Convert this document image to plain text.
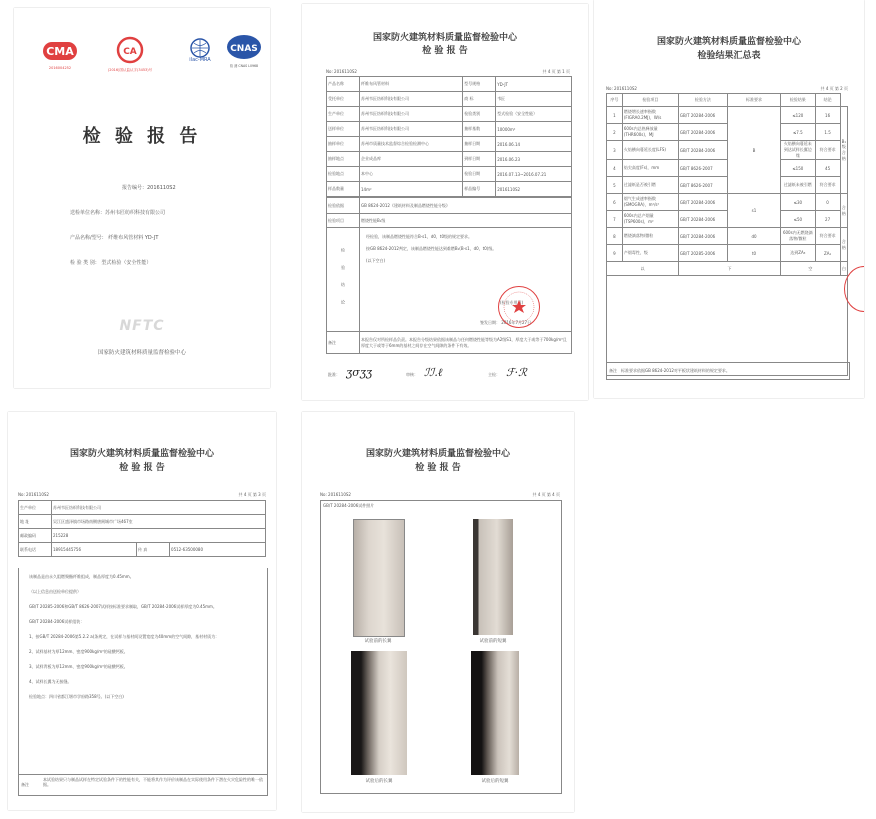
CMA
2016004252
CA
(2016)国认监认字(3453)号
ilac-MRA
CNAS
检 测 CNAS L0968
检 验 报 告
报告编号：2016110S2
送检单位名称：苏州韦匠纺织科技有限公司
产品名称/型号： 纤维布风管材料 YD-JT
检 验 类 别： 型式检验（安全性能）
NFTC
国家防火建筑材料质量监督检验中心
国家防火建筑材料质量监督检验中心
检 验 报 告
No: 2016110S2	共 4 页 第 1 页
产品名称	纤维布风管材料	型号规格	YD-JT
受托单位	苏州韦匠纺织科技有限公司	商 标	韦匠
生产单位	苏州韦匠纺织科技有限公司	检验类别	型式检验（安全性能）
送样单位	苏州韦匠纺织科技有限公司	抽样基数	10000m²
抽样单位	苏州市质量技术监督综合检验检测中心	抽样日期	2016.06.14
抽样地点	企业成品库	到样日期	2016.06.23
检验地点	本中心	检验日期	2016.07.13~2016.07.21
样品数量	14m²	样品编号	2016110S2
检验依据	GB 8624-2012《建筑材料及制品燃烧性能分级》
检验项目	燃烧性能B₁级
检 验 结 论	经检验，该制品燃烧性能符合B-s1，d0，t0级的规定要求。
按GB 8624-2012判定，该制品燃烧性能达到难燃B₁(B-s1，d0，t0)级。
(以下空白)
(检验专用章)
签发日期： 2016年7月27日

备注	本报告仅对所检样品负责。本报告分级结果依据该制品与任何燃烧性能等级为A2级S1，厚度大于或等于700kg/m³且厚度大于或等于6mm的基材之间存在空气间隙的条件下有效。
批准： ʒσʒʒ	审核： ℐℐ.ℓ	主检： ℱ·ℛ
国家防火建筑材料质量监督检验中心
检验结果汇总表
No: 2016110S2	共 4 页 第 2 页
序号	检验项目	检验方法	标准要求	检验结果	结论	
1	燃烧增长速率指数(FIGRA0.2MJ)，W/s	GB/T 20284-2006	B	≤120	16	B₁级合格
2	600s内总热释放量(THR600s)，MJ	GB/T 20284-2006		≤7.5	1.5	
3	火焰横向蔓延长度(LFS)	GB/T 20284-2006		火焰横向蔓延未到达试样长翼边缘	符合要求	
4	焰尖高度(Fs)，mm	GB/T 8626-2007		≤150	45	
5	过滤纸是否被引燃	GB/T 8626-2007		过滤纸未被引燃	符合要求	
6	烟气生成速率指数(SMOGRA)，m²/s²	GB/T 20284-2006	s1	≤30	0	合格
7	600s内总产烟量(TSP600s)，m²	GB/T 20284-2006		≤50	27	
8	燃烧滴落物/微粒	GB/T 20284-2006	d0	600s内无燃烧滴落物/微粒	符合要求	合格
9	产烟毒性，级	GB/T 20285-2006	t0	达到ZA₃	ZA₁	
以		下		空		白

备注 标准要求依据GB 8624-2012对平板状建筑材料的规定要求。
国家防火建筑材料质量监督检验中心
检 验 报 告
No: 2016110S2	共 4 页 第 3 页
生产单位	苏州韦匠纺织科技有限公司		
地 址	吴江区盛泽镇市场路南侧唐闸城市广场467室		
邮政编码	215228		
联系电话	18915445756	传 真	0512-63500080
该制品是由永久阻燃聚酯纤维组成，制品厚度为0.45mm。
（以上信息由送检单位提供）
GB/T 20285-2006和GB/T 8626-2007试样按标准要求制取，GB/T 20284-2006试样厚度为0.45mm。
GB/T 20284-2006试样组装：
1、按GB/T 20284-2006第5.2.2 a)条规定，在试样与基材间设置宽度为40mm的空气间隙，基材材质为：
2、试样基材为厚12mm、密度900kg/m³的硅酸钙板。
3、试样背板为厚12mm、密度900kg/m³的硅酸钙板。
4、试样长翼为无接缝。
检验地点：四川省都江堰市学府路358号。(以下空白)
备注
本试验结果只与制品试样在特定试验条件下的性能有关，不能将其作为评价该制品在实际使用条件下潜在火灾危险性的唯一依据。
国家防火建筑材料质量监督检验中心
检 验 报 告
No: 2016110S2	共 4 页 第 4 页
GB/T 20284-2006试件照片
试验前的长翼	试验前的短翼
试验后的长翼	试验后的短翼
